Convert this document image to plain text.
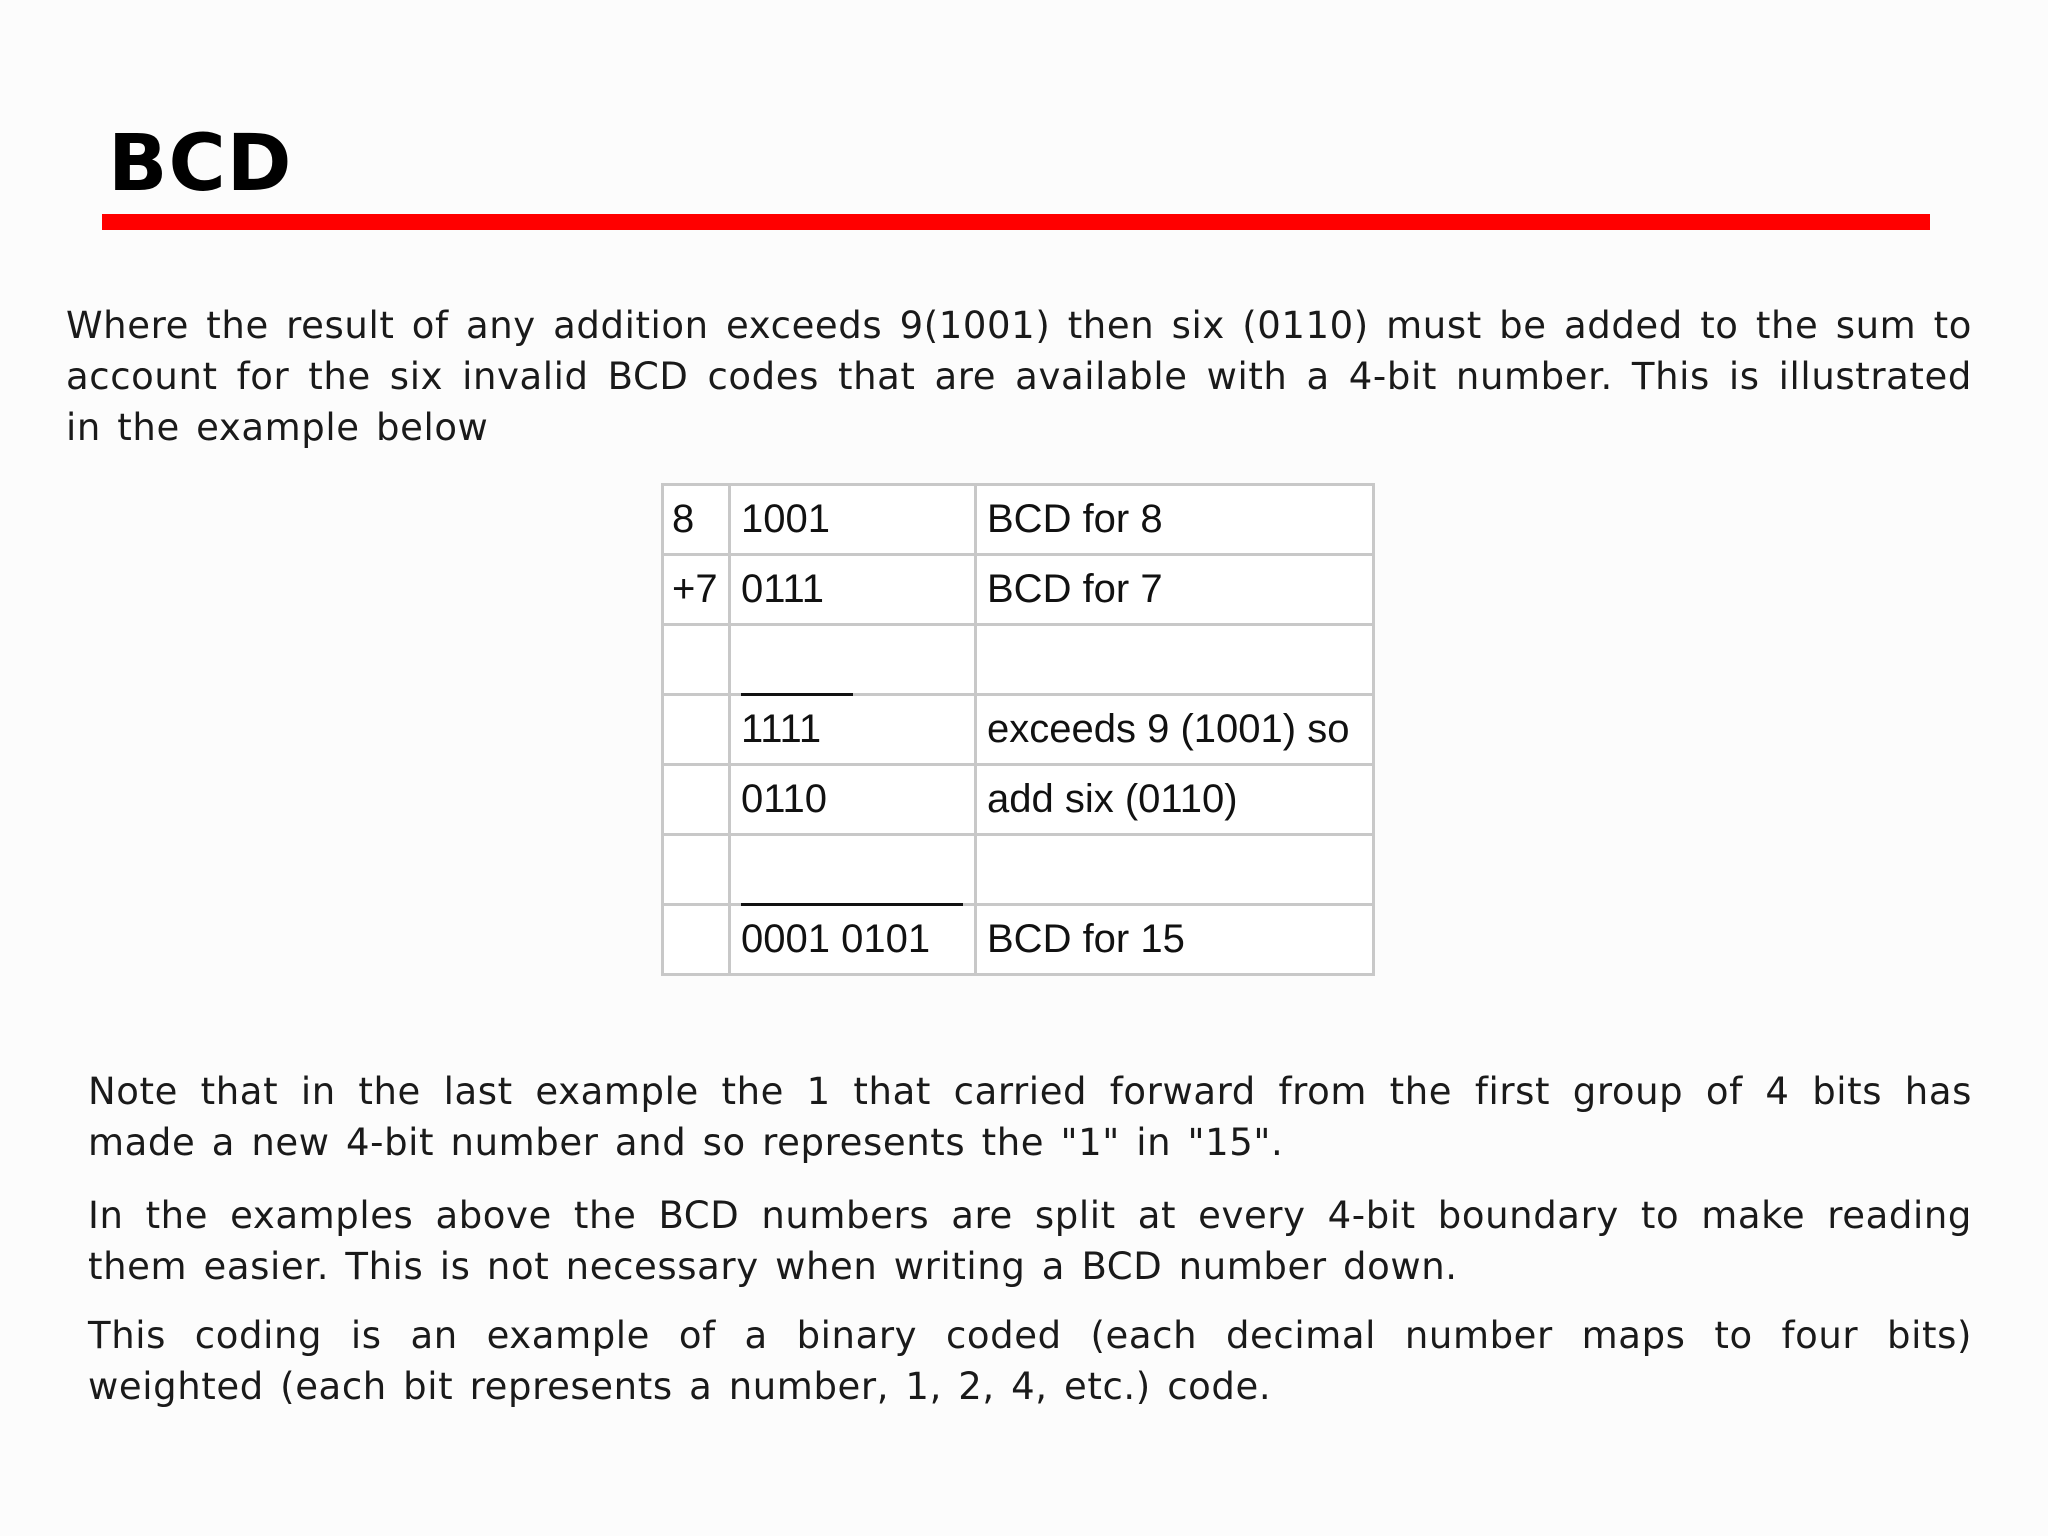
BCD

Where the result of any addition exceeds 9(1001) then six (0110) must be added to the sum to account for the six invalid BCD codes that are available with a 4-bit number. This is illustrated in the example below

8	1001	BCD for 8
+7	0111	BCD for 7

	1111	exceeds 9 (1001) so
	0110	add six (0110)

	0001 0101	BCD for 15

Note that in the last example the 1 that carried forward from the first group of 4 bits has made a new 4-bit number and so represents the "1" in "15".

In the examples above the BCD numbers are split at every 4-bit boundary to make reading them easier. This is not necessary when writing a BCD number down.

This coding is an example of a binary coded (each decimal number maps to four bits) weighted (each bit represents a number, 1, 2, 4, etc.) code.
